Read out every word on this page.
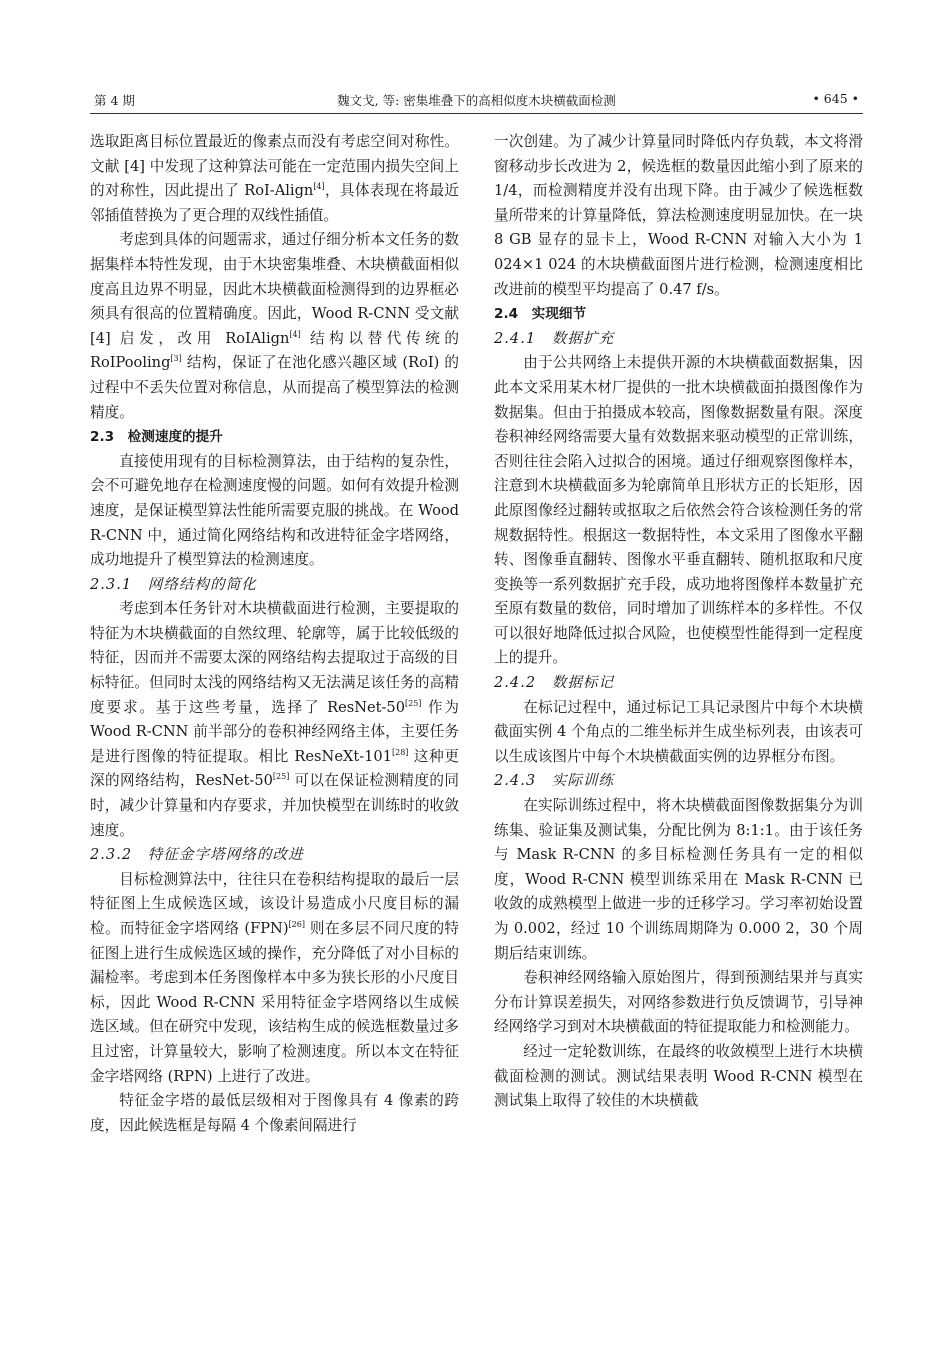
第 4 期	魏文戈, 等: 密集堆叠下的高相似度木块横截面检测	• 645 •

选取距离目标位置最近的像素点而没有考虑空间对称性。文献 [4] 中发现了这种算法可能在一定范围内损失空间上的对称性，因此提出了 RoI-Align[4]，具体表现在将最近邻插值替换为了更合理的双线性插值。

考虑到具体的问题需求，通过仔细分析本文任务的数据集样本特性发现，由于木块密集堆叠、木块横截面相似度高且边界不明显，因此木块横截面检测得到的边界框必须具有很高的位置精确度。因此，Wood R-CNN 受文献 [4] 启发，改用 RoIAlign[4] 结构以替代传统的 RoIPooling[3] 结构，保证了在池化感兴趣区域 (RoI) 的过程中不丢失位置对称信息，从而提高了模型算法的检测精度。

2.3　检测速度的提升

直接使用现有的目标检测算法，由于结构的复杂性，会不可避免地存在检测速度慢的问题。如何有效提升检测速度，是保证模型算法性能所需要克服的挑战。在 Wood R-CNN 中，通过简化网络结构和改进特征金字塔网络，成功地提升了模型算法的检测速度。

2.3.1　网络结构的简化

考虑到本任务针对木块横截面进行检测，主要提取的特征为木块横截面的自然纹理、轮廓等，属于比较低级的特征，因而并不需要太深的网络结构去提取过于高级的目标特征。但同时太浅的网络结构又无法满足该任务的高精度要求。基于这些考量，选择了 ResNet-50[25] 作为 Wood R-CNN 前半部分的卷积神经网络主体，主要任务是进行图像的特征提取。相比 ResNeXt-101[28] 这种更深的网络结构，ResNet-50[25] 可以在保证检测精度的同时，减少计算量和内存要求，并加快模型在训练时的收敛速度。

2.3.2　特征金字塔网络的改进

目标检测算法中，往往只在卷积结构提取的最后一层特征图上生成候选区域，该设计易造成小尺度目标的漏检。而特征金字塔网络 (FPN)[26] 则在多层不同尺度的特征图上进行生成候选区域的操作，充分降低了对小目标的漏检率。考虑到本任务图像样本中多为狭长形的小尺度目标，因此 Wood R-CNN 采用特征金字塔网络以生成候选区域。但在研究中发现，该结构生成的候选框数量过多且过密，计算量较大，影响了检测速度。所以本文在特征金字塔网络 (RPN) 上进行了改进。

特征金字塔的最低层级相对于图像具有 4 像素的跨度，因此候选框是每隔 4 个像素间隔进行

一次创建。为了减少计算量同时降低内存负载，本文将滑窗移动步长改进为 2，候选框的数量因此缩小到了原来的 1/4，而检测精度并没有出现下降。由于减少了候选框数量所带来的计算量降低，算法检测速度明显加快。在一块 8 GB 显存的显卡上，Wood R-CNN 对输入大小为 1 024×1 024 的木块横截面图片进行检测，检测速度相比改进前的模型平均提高了 0.47 f/s。

2.4　实现细节

2.4.1　数据扩充

由于公共网络上未提供开源的木块横截面数据集，因此本文采用某木材厂提供的一批木块横截面拍摄图像作为数据集。但由于拍摄成本较高，图像数据数量有限。深度卷积神经网络需要大量有效数据来驱动模型的正常训练，否则往往会陷入过拟合的困境。通过仔细观察图像样本，注意到木块横截面多为轮廓简单且形状方正的长矩形，因此原图像经过翻转或抠取之后依然会符合该检测任务的常规数据特性。根据这一数据特性，本文采用了图像水平翻转、图像垂直翻转、图像水平垂直翻转、随机抠取和尺度变换等一系列数据扩充手段，成功地将图像样本数量扩充至原有数量的数倍，同时增加了训练样本的多样性。不仅可以很好地降低过拟合风险，也使模型性能得到一定程度上的提升。

2.4.2　数据标记

在标记过程中，通过标记工具记录图片中每个木块横截面实例 4 个角点的二维坐标并生成坐标列表，由该表可以生成该图片中每个木块横截面实例的边界框分布图。

2.4.3　实际训练

在实际训练过程中，将木块横截面图像数据集分为训练集、验证集及测试集，分配比例为 8:1:1。由于该任务与 Mask R-CNN 的多目标检测任务具有一定的相似度，Wood R-CNN 模型训练采用在 Mask R-CNN 已收敛的成熟模型上做进一步的迁移学习。学习率初始设置为 0.002，经过 10 个训练周期降为 0.000 2，30 个周期后结束训练。

卷积神经网络输入原始图片，得到预测结果并与真实分布计算误差损失，对网络参数进行负反馈调节，引导神经网络学习到对木块横截面的特征提取能力和检测能力。

经过一定轮数训练，在最终的收敛模型上进行木块横截面检测的测试。测试结果表明 Wood R-CNN 模型在测试集上取得了较佳的木块横截
